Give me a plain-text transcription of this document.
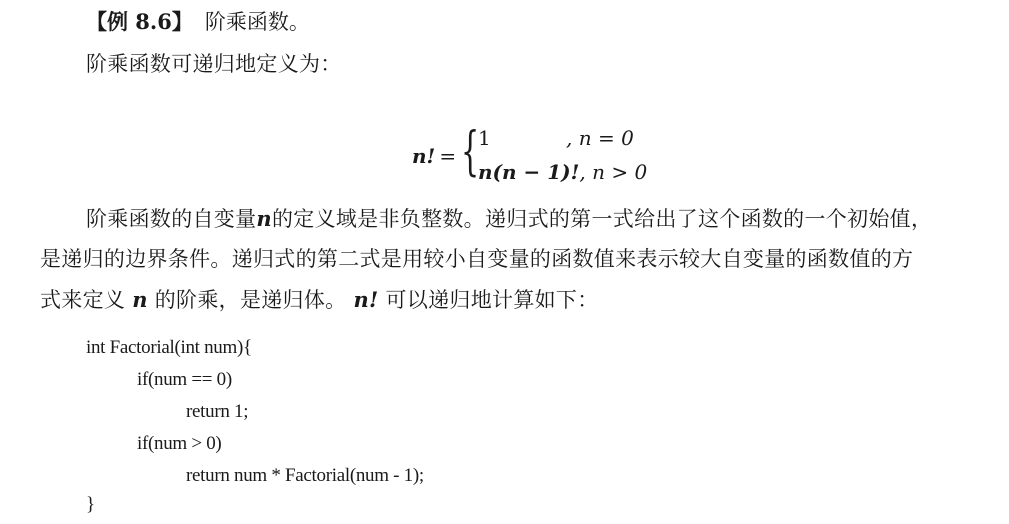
【例 8.6】 阶乘函数。
阶乘函数可递归地定义为：
n! = {
1	, n = 0
n(n − 1)!, n > 0
阶乘函数的自变量n的定义域是非负整数。递归式的第一式给出了这个函数的一个初始值，
是递归的边界条件。递归式的第二式是用较小自变量的函数值来表示较大自变量的函数值的方
式来定义 n 的阶乘，是递归体。 n! 可以递归地计算如下：
int Factorial(int num){
if(num == 0)
return 1;
if(num > 0)
return num * Factorial(num - 1);
}
